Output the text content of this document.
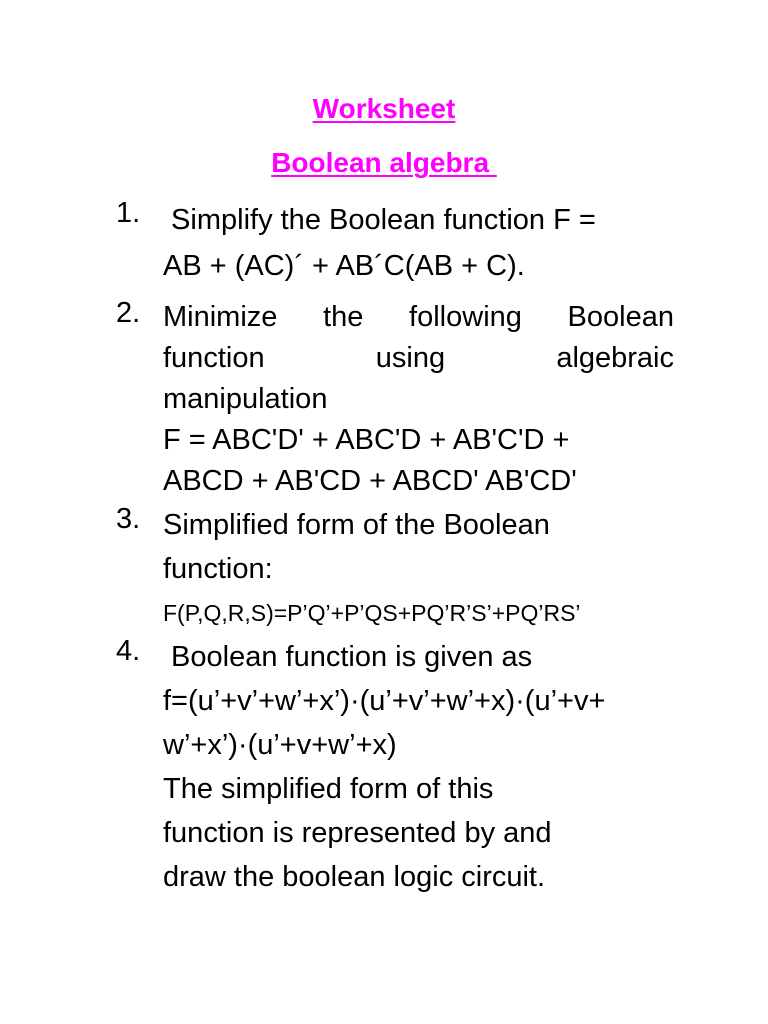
Worksheet
Boolean algebra
1. Simplify the Boolean function F =
AB + (AC)´ + AB´C(AB + C).
2. Minimize the following Boolean
function	using	algebraic
manipulation
F = ABC'D' + ABC'D + AB'C'D +
ABCD + AB'CD + ABCD' AB'CD'
3. Simplified form of the Boolean
function:
F(P,Q,R,S)=P’Q’+P’QS+PQ’R’S’+PQ’RS’
4. Boolean function is given as
f=(u’+v’+w’+x’)·(u’+v’+w’+x)·(u’+v+
w’+x’)·(u’+v+w’+x)
The simplified form of this
function is represented by and
draw the boolean logic circuit.
